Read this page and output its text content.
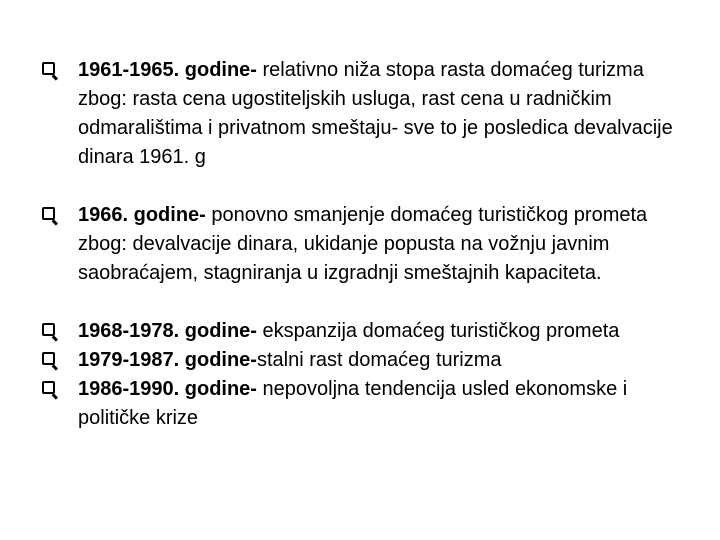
1961-1965. godine- relativno niža stopa rasta domaćeg turizma zbog: rasta cena ugostiteljskih usluga, rast cena u radničkim odmaralištima i privatnom smeštaju- sve to je posledica devalvacije dinara 1961. g
1966. godine- ponovno smanjenje domaćeg turističkog prometa zbog: devalvacije dinara, ukidanje popusta na vožnju javnim saobraćajem, stagniranja u izgradnji smeštajnih kapaciteta.
1968-1978. godine- ekspanzija domaćeg turističkog prometa
1979-1987. godine-stalni rast domaćeg turizma
1986-1990. godine- nepovoljna tendencija usled ekonomske i političke krize
